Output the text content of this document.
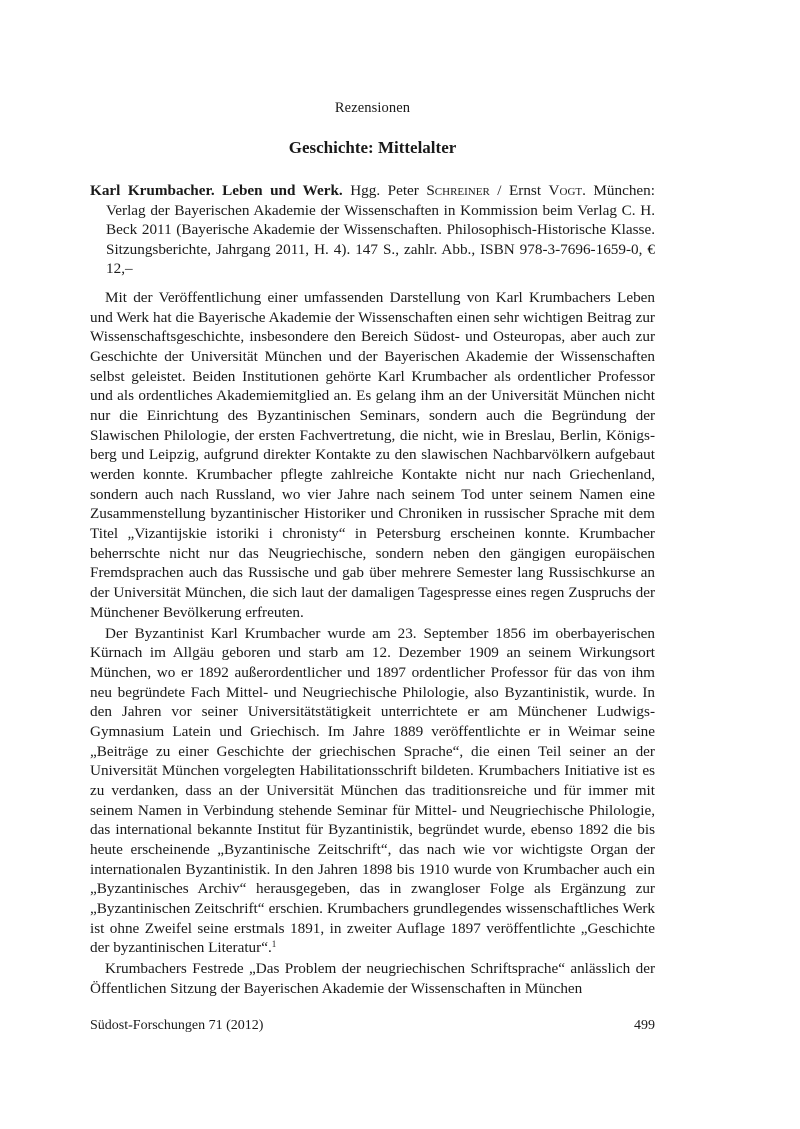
Rezensionen
Geschichte: Mittelalter
Karl Krumbacher. Leben und Werk. Hgg. Peter Schreiner / Ernst Vogt. München: Verlag der Bayerischen Akademie der Wissenschaften in Kommission beim Verlag C. H. Beck 2011 (Bayerische Akademie der Wissenschaften. Philosophisch-Historische Klasse. Sitzungsberichte, Jahrgang 2011, H. 4). 147 S., zahlr. Abb., ISBN 978-3-7696-1659-0, € 12,–

Mit der Veröffentlichung einer umfassenden Darstellung von Karl Krumbachers Leben und Werk hat die Bayerische Akademie der Wissenschaften einen sehr wichtigen Beitrag zur Wissenschaftsgeschichte, insbesondere den Bereich Südost- und Osteuropas, aber auch zur Geschichte der Universität München und der Bayerischen Akademie der Wissenschaften selbst geleistet. Beiden Institutionen gehörte Karl Krumbacher als ordentlicher Professor und als ordentliches Akademiemitglied an. Es gelang ihm an der Universität München nicht nur die Einrichtung des Byzantinischen Seminars, sondern auch die Begründung der Slawischen Philologie, der ersten Fachvertretung, die nicht, wie in Breslau, Berlin, Königsberg und Leipzig, aufgrund direkter Kontakte zu den slawischen Nachbarvölkern aufgebaut werden konnte. Krumbacher pflegte zahlreiche Kontakte nicht nur nach Griechenland, sondern auch nach Russland, wo vier Jahre nach seinem Tod unter seinem Namen eine Zusammenstellung byzantinischer Historiker und Chroniken in russischer Sprache mit dem Titel „Vizantijskie istoriki i chronisty“ in Petersburg erscheinen konnte. Krumbacher beherrschte nicht nur das Neugriechische, sondern neben den gängigen europäischen Fremdsprachen auch das Russische und gab über mehrere Semester lang Russischkurse an der Universität München, die sich laut der damaligen Tagespresse eines regen Zuspruchs der Münchener Bevölkerung erfreuten.

Der Byzantinist Karl Krumbacher wurde am 23. September 1856 im oberbayerischen Kürnach im Allgäu geboren und starb am 12. Dezember 1909 an seinem Wirkungsort München, wo er 1892 außerordentlicher und 1897 ordentlicher Professor für das von ihm neu begründete Fach Mittel- und Neugriechische Philologie, also Byzantinistik, wurde. In den Jahren vor seiner Universitätstätigkeit unterrichtete er am Münchener Ludwigs-Gymnasium Latein und Griechisch. Im Jahre 1889 veröffentlichte er in Weimar seine „Beiträge zu einer Geschichte der griechischen Sprache“, die einen Teil seiner an der Universität München vorgelegten Habilitationsschrift bildeten. Krumbachers Initiative ist es zu verdanken, dass an der Universität München das traditionsreiche und für immer mit seinem Namen in Verbindung stehende Seminar für Mittel- und Neugriechische Philologie, das international bekannte Institut für Byzantinistik, begründet wurde, ebenso 1892 die bis heute erscheinende „Byzantinische Zeitschrift“, das nach wie vor wichtigste Organ der internationalen Byzantinistik. In den Jahren 1898 bis 1910 wurde von Krumbacher auch ein „Byzantinisches Archiv“ herausgegeben, das in zwangloser Folge als Ergänzung zur „Byzantinischen Zeitschrift“ erschien. Krumbachers grundlegendes wissenschaftliches Werk ist ohne Zweifel seine erstmals 1891, in zweiter Auflage 1897 veröffentlichte „Geschichte der byzantinischen Literatur“.$^1$

Krumbachers Festrede „Das Problem der neugriechischen Schriftsprache“ anlässlich der Öffentlichen Sitzung der Bayerischen Akademie der Wissenschaften in München

Südost-Forschungen 71 (2012)	499
